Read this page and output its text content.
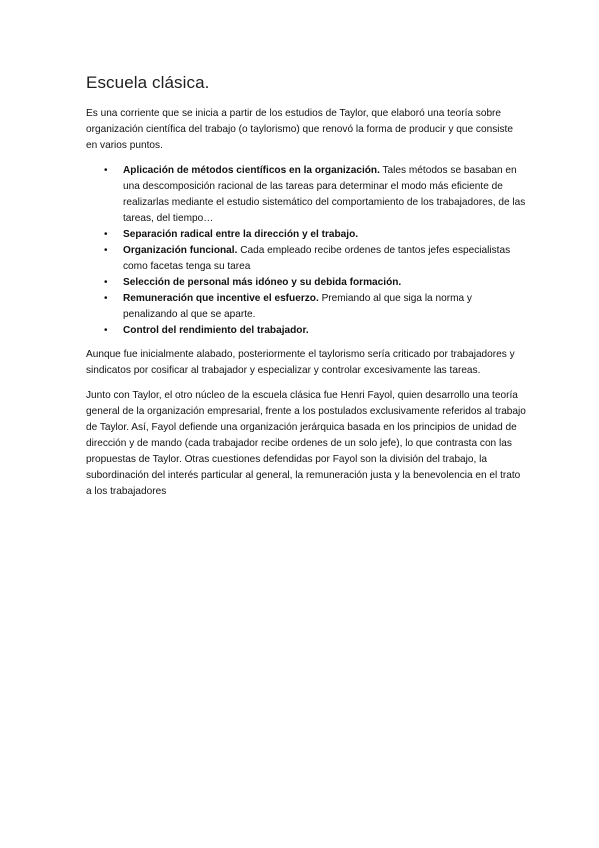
Escuela clásica.

Es una corriente que se inicia a partir de los estudios de Taylor, que elaboró una teoría sobre organización científica del trabajo (o taylorismo) que renovó la forma de producir y que consiste en varios puntos.

• Aplicación de métodos científicos en la organización. Tales métodos se basaban en una descomposición racional de las tareas para determinar el modo más eficiente de realizarlas mediante el estudio sistemático del comportamiento de los trabajadores, de las tareas, del tiempo…
• Separación radical entre la dirección y el trabajo.
• Organización funcional. Cada empleado recibe ordenes de tantos jefes especialistas como facetas tenga su tarea
• Selección de personal más idóneo y su debida formación.
• Remuneración que incentive el esfuerzo. Premiando al que siga la norma y penalizando al que se aparte.
• Control del rendimiento del trabajador.

Aunque fue inicialmente alabado, posteriormente el taylorismo sería criticado por trabajadores y sindicatos por cosificar al trabajador y especializar y controlar excesivamente las tareas.

Junto con Taylor, el otro núcleo de la escuela clásica fue Henri Fayol, quien desarrollo una teoría general de la organización empresarial, frente a los postulados exclusivamente referidos al trabajo de Taylor. Así, Fayol defiende una organización jerárquica basada en los principios de unidad de dirección y de mando (cada trabajador recibe ordenes de un solo jefe), lo que contrasta con las propuestas de Taylor. Otras cuestiones defendidas por Fayol son la división del trabajo, la subordinación del interés particular al general, la remuneración justa y la benevolencia en el trato a los trabajadores
